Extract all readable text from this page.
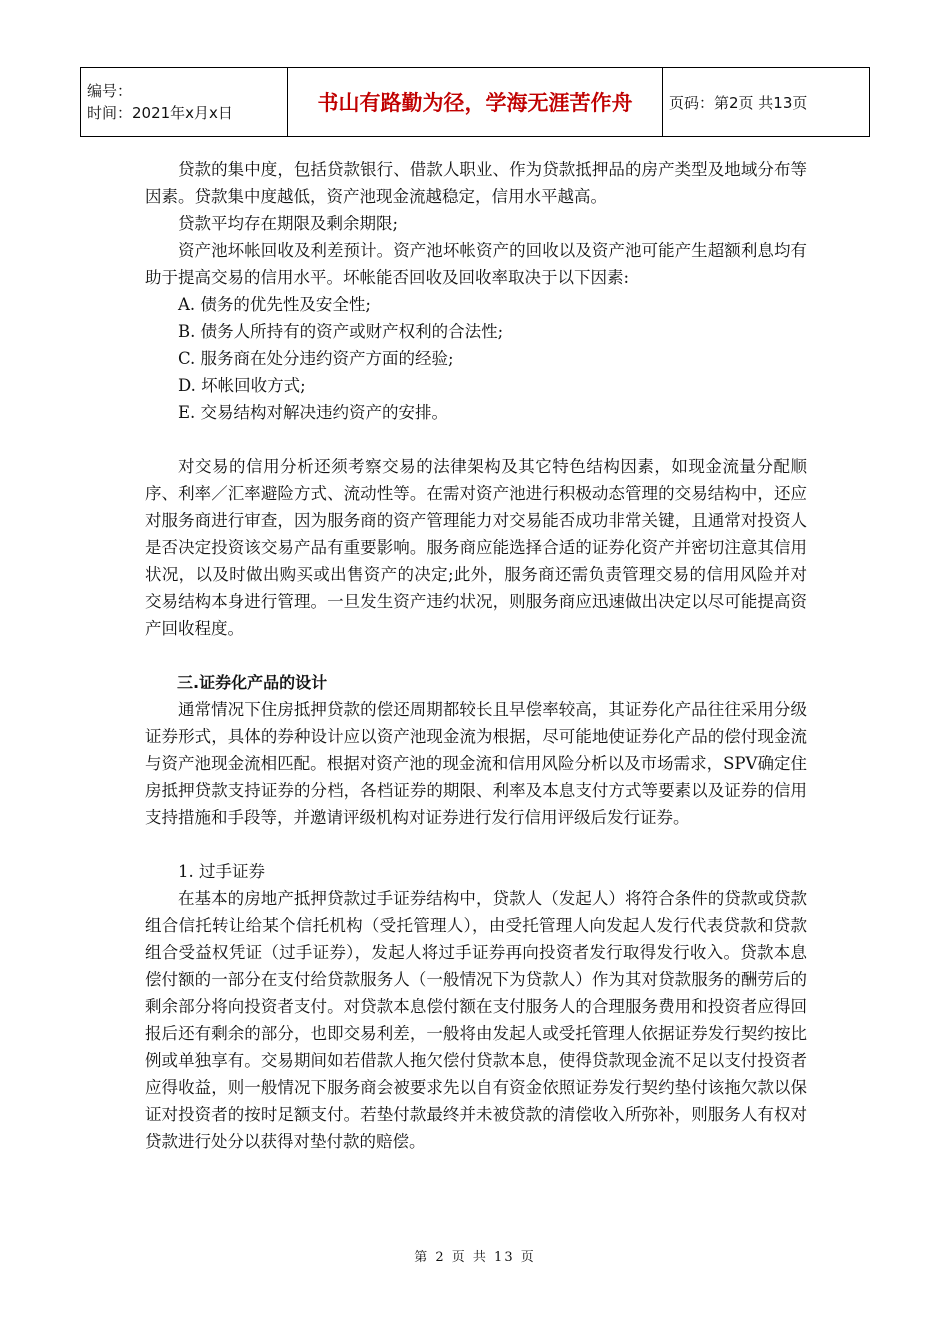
编号：
时间：2021年x月x日	书山有路勤为径，学海无涯苦作舟	页码：第2页 共13页

贷款的集中度，包括贷款银行、借款人职业、作为贷款抵押品的房产类型及地域分布等因素。贷款集中度越低，资产池现金流越稳定，信用水平越高。

贷款平均存在期限及剩余期限;

资产池坏帐回收及利差预计。资产池坏帐资产的回收以及资产池可能产生超额利息均有助于提高交易的信用水平。坏帐能否回收及回收率取决于以下因素:

A. 债务的优先性及安全性;

B. 债务人所持有的资产或财产权利的合法性;

C. 服务商在处分违约资产方面的经验;

D. 坏帐回收方式;

E. 交易结构对解决违约资产的安排。

对交易的信用分析还须考察交易的法律架构及其它特色结构因素，如现金流量分配顺序、利率／汇率避险方式、流动性等。在需对资产池进行积极动态管理的交易结构中，还应对服务商进行审查，因为服务商的资产管理能力对交易能否成功非常关键，且通常对投资人是否决定投资该交易产品有重要影响。服务商应能选择合适的证券化资产并密切注意其信用状况，以及时做出购买或出售资产的决定;此外，服务商还需负责管理交易的信用风险并对交易结构本身进行管理。一旦发生资产违约状况，则服务商应迅速做出决定以尽可能提高资产回收程度。

三.证券化产品的设计

通常情况下住房抵押贷款的偿还周期都较长且早偿率较高，其证券化产品往往采用分级证券形式，具体的券种设计应以资产池现金流为根据，尽可能地使证券化产品的偿付现金流与资产池现金流相匹配。根据对资产池的现金流和信用风险分析以及市场需求，SPV确定住房抵押贷款支持证券的分档，各档证券的期限、利率及本息支付方式等要素以及证券的信用支持措施和手段等，并邀请评级机构对证券进行发行信用评级后发行证券。

1. 过手证券

在基本的房地产抵押贷款过手证券结构中，贷款人（发起人）将符合条件的贷款或贷款组合信托转让给某个信托机构（受托管理人），由受托管理人向发起人发行代表贷款和贷款组合受益权凭证（过手证券），发起人将过手证券再向投资者发行取得发行收入。贷款本息偿付额的一部分在支付给贷款服务人（一般情况下为贷款人）作为其对贷款服务的酬劳后的剩余部分将向投资者支付。对贷款本息偿付额在支付服务人的合理服务费用和投资者应得回报后还有剩余的部分，也即交易利差，一般将由发起人或受托管理人依据证券发行契约按比例或单独享有。交易期间如若借款人拖欠偿付贷款本息，使得贷款现金流不足以支付投资者应得收益，则一般情况下服务商会被要求先以自有资金依照证券发行契约垫付该拖欠款以保证对投资者的按时足额支付。若垫付款最终并未被贷款的清偿收入所弥补，则服务人有权对贷款进行处分以获得对垫付款的赔偿。

第 2 页 共 13 页
